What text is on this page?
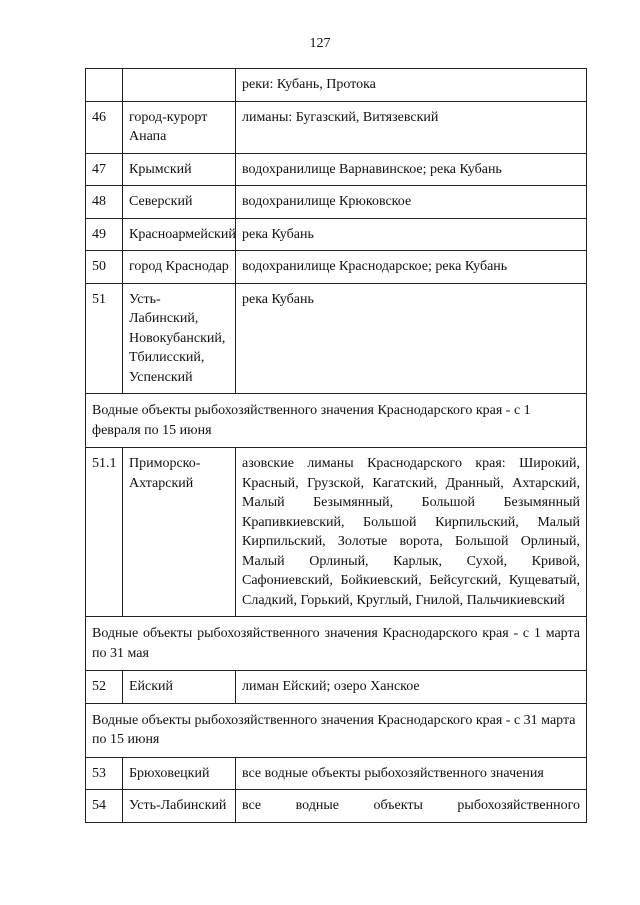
127
		реки: Кубань, Протока
46	город-курорт Анапа	лиманы: Бугазский, Витязевский
47	Крымский	водохранилище Варнавинское; река Кубань
48	Северский	водохранилище Крюковское
49	Красноармейский	река Кубань
50	город Краснодар	водохранилище Краснодарское; река Кубань
51	Усть-Лабинский, Новокубанский, Тбилисский, Успенский	река Кубань
Водные объекты рыбохозяйственного значения Краснодарского края - с 1 февраля по 15 июня		
51.1	Приморско-Ахтарский	азовские лиманы Краснодарского края: Широкий, Красный, Грузской, Кагатский, Дранный, Ахтарский, Малый Безымянный, Большой Безымянный Крапивкиевский, Большой Кирпильский, Малый Кирпильский, Золотые ворота, Большой Орлиный, Малый Орлиный, Карлык, Сухой, Кривой, Сафониевский, Бойкиевский, Бейсугский, Кущеватый, Сладкий, Горький, Круглый, Гнилой, Пальчикиевский
Водные объекты рыбохозяйственного значения Краснодарского края - с 1 марта по 31 мая		
52	Ейский	лиман Ейский; озеро Ханское
Водные объекты рыбохозяйственного значения Краснодарского края - с 31 марта по 15 июня		
53	Брюховецкий	все водные объекты рыбохозяйственного значения
54	Усть-Лабинский	все водные объекты рыбохозяйственного
